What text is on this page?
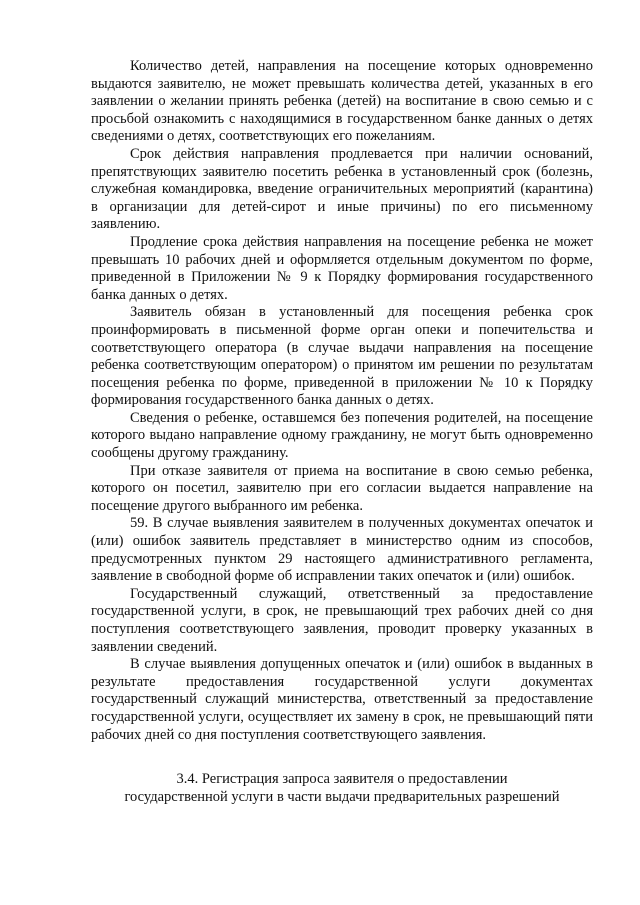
Количество детей, направления на посещение которых одновременно выдаются заявителю, не может превышать количества детей, указанных в его заявлении о желании принять ребенка (детей) на воспитание в свою семью и с просьбой ознакомить с находящимися в государственном банке данных о детях сведениями о детях, соответствующих его пожеланиям.

Срок действия направления продлевается при наличии оснований, препятствующих заявителю посетить ребенка в установленный срок (болезнь, служебная командировка, введение ограничительных мероприятий (карантина) в организации для детей-сирот и иные причины) по его письменному заявлению.

Продление срока действия направления на посещение ребенка не может превышать 10 рабочих дней и оформляется отдельным документом по форме, приведенной в Приложении № 9 к Порядку формирования государственного банка данных о детях.

Заявитель обязан в установленный для посещения ребенка срок проинформировать в письменной форме орган опеки и попечительства и соответствующего оператора (в случае выдачи направления на посещение ребенка соответствующим оператором) о принятом им решении по результатам посещения ребенка по форме, приведенной в приложении № 10 к Порядку формирования государственного банка данных о детях.

Сведения о ребенке, оставшемся без попечения родителей, на посещение которого выдано направление одному гражданину, не могут быть одновременно сообщены другому гражданину.

При отказе заявителя от приема на воспитание в свою семью ребенка, которого он посетил, заявителю при его согласии выдается направление на посещение другого выбранного им ребенка.

59. В случае выявления заявителем в полученных документах опечаток и (или) ошибок заявитель представляет в министерство одним из способов, предусмотренных пунктом 29 настоящего административного регламента, заявление в свободной форме об исправлении таких опечаток и (или) ошибок.

Государственный служащий, ответственный за предоставление государственной услуги, в срок, не превышающий трех рабочих дней со дня поступления соответствующего заявления, проводит проверку указанных в заявлении сведений.

В случае выявления допущенных опечаток и (или) ошибок в выданных в результате предоставления государственной услуги документах государственный служащий министерства, ответственный за предоставление государственной услуги, осуществляет их замену в срок, не превышающий пяти рабочих дней со дня поступления соответствующего заявления.

3.4. Регистрация запроса заявителя о предоставлении
государственной услуги в части выдачи предварительных разрешений
